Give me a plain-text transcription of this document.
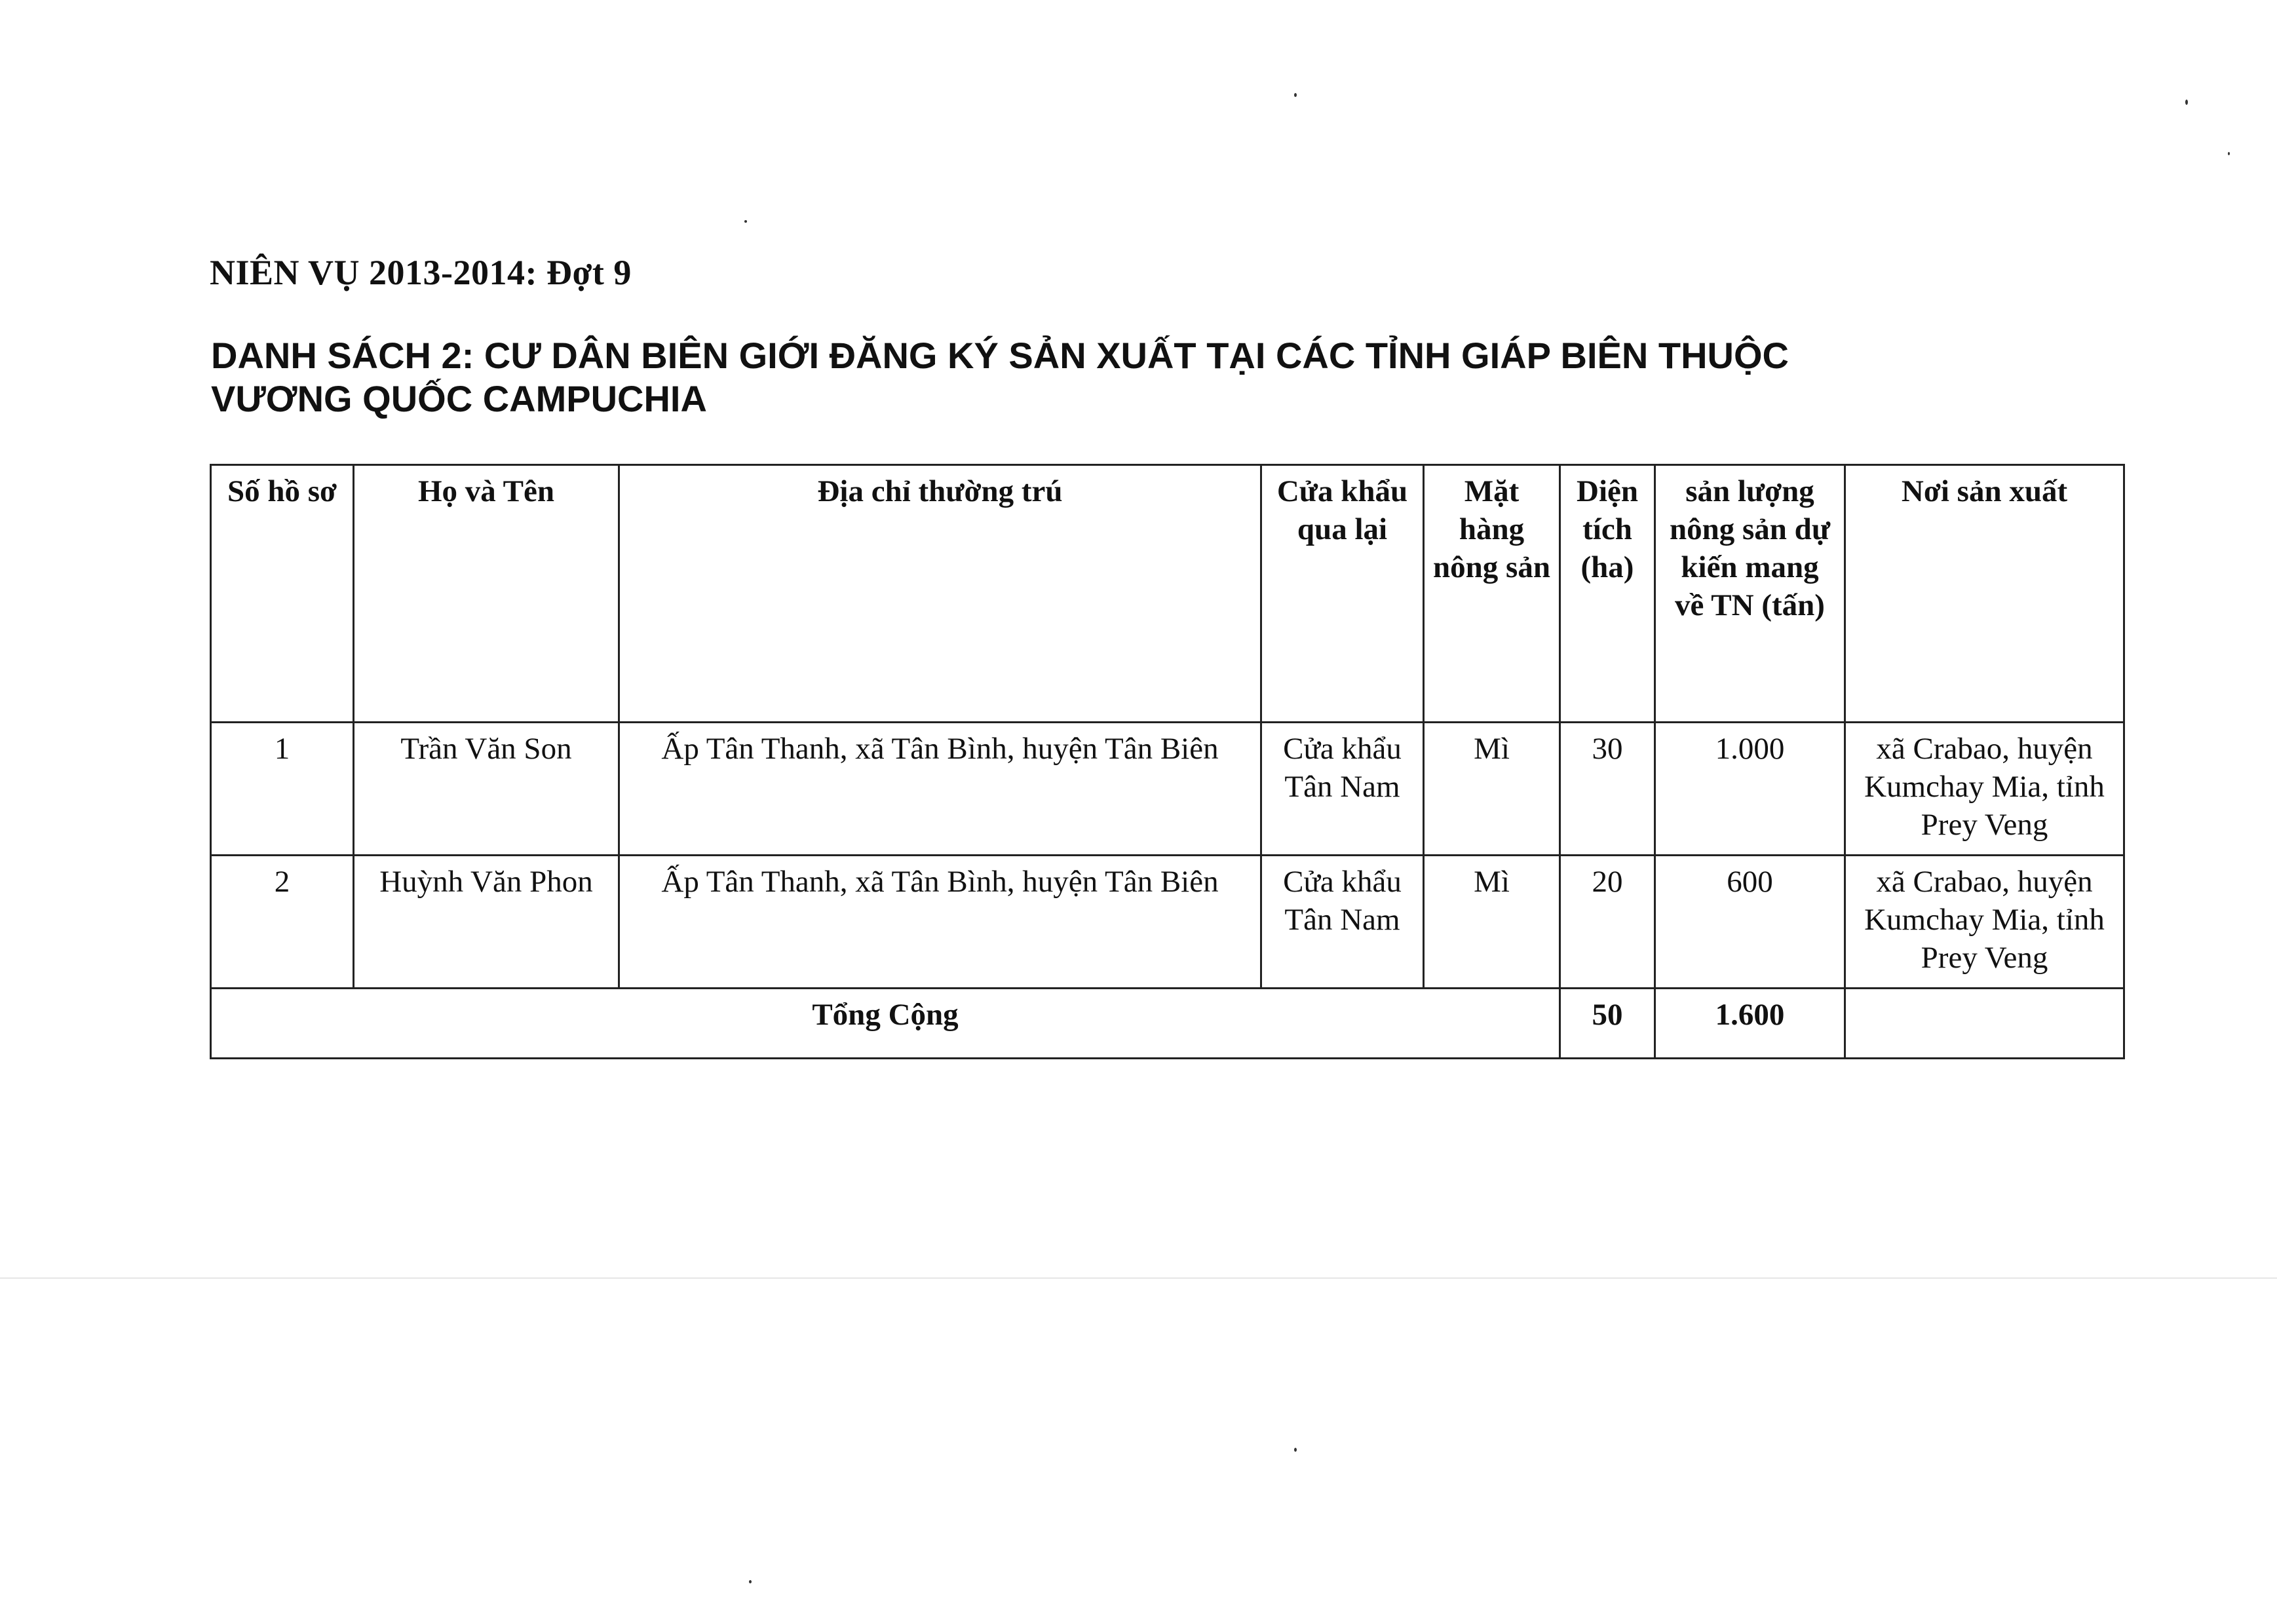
NIÊN VỤ 2013-2014: Đợt 9
DANH SÁCH 2: CƯ DÂN BIÊN GIỚI ĐĂNG KÝ SẢN XUẤT TẠI CÁC TỈNH GIÁP BIÊN THUỘC VƯƠNG QUỐC CAMPUCHIA
Số hồ sơ	Họ và Tên	Địa chỉ thường trú	Cửa khẩu qua lại	Mặt hàng nông sản	Diện tích (ha)	sản lượng nông sản dự kiến mang về TN (tấn)	Nơi sản xuất
1	Trần Văn Son	Ấp Tân Thanh, xã Tân Bình, huyện Tân Biên	Cửa khẩu Tân Nam	Mì	30	1.000	xã Crabao, huyện Kumchay Mia, tỉnh Prey Veng
2	Huỳnh Văn Phon	Ấp Tân Thanh, xã Tân Bình, huyện Tân Biên	Cửa khẩu Tân Nam	Mì	20	600	xã Crabao, huyện Kumchay Mia, tỉnh Prey Veng
Tổng Cộng					50	1.600	
